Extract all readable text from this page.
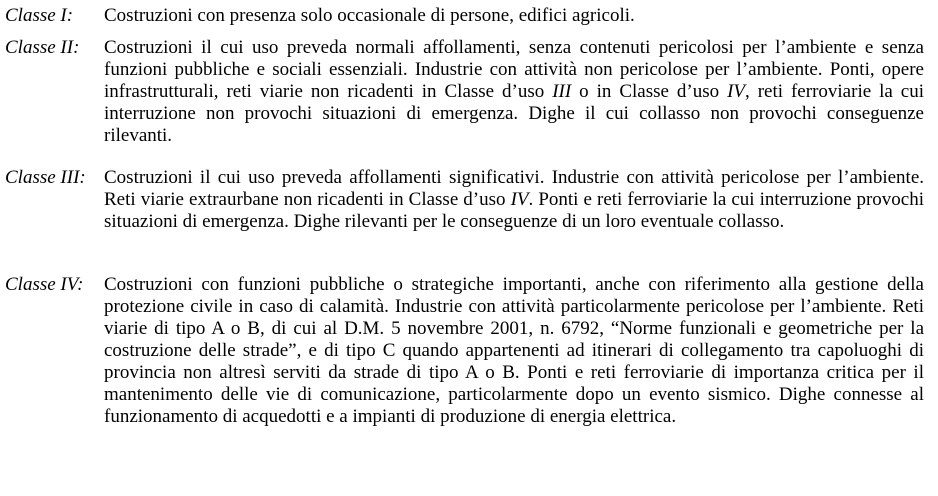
Classe I: Costruzioni con presenza solo occasionale di persone, edifici agricoli.

Classe II: Costruzioni il cui uso preveda normali affollamenti, senza contenuti pericolosi per l’ambiente e senza funzioni pubbliche e sociali essenziali. Industrie con attività non pericolose per l’ambiente. Ponti, opere infrastrutturali, reti viarie non ricadenti in Classe d’uso III o in Classe d’uso IV, reti ferroviarie la cui interruzione non provochi situazioni di emergenza. Dighe il cui collasso non provochi conseguenze rilevanti.

Classe III: Costruzioni il cui uso preveda affollamenti significativi. Industrie con attività pericolose per l’ambiente. Reti viarie extraurbane non ricadenti in Classe d’uso IV. Ponti e reti ferroviarie la cui interruzione provochi situazioni di emergenza. Dighe rilevanti per le conseguenze di un loro eventuale collasso.

Classe IV: Costruzioni con funzioni pubbliche o strategiche importanti, anche con riferimento alla gestione della protezione civile in caso di calamità. Industrie con attività particolarmente pericolose per l’ambiente. Reti viarie di tipo A o B, di cui al D.M. 5 novembre 2001, n. 6792, “Norme funzionali e geometriche per la costruzione delle strade”, e di tipo C quando appartenenti ad itinerari di collegamento tra capoluoghi di provincia non altresì serviti da strade di tipo A o B. Ponti e reti ferroviarie di importanza critica per il mantenimento delle vie di comunicazione, particolarmente dopo un evento sismico. Dighe connesse al funzionamento di acquedotti e a impianti di produzione di energia elettrica.
